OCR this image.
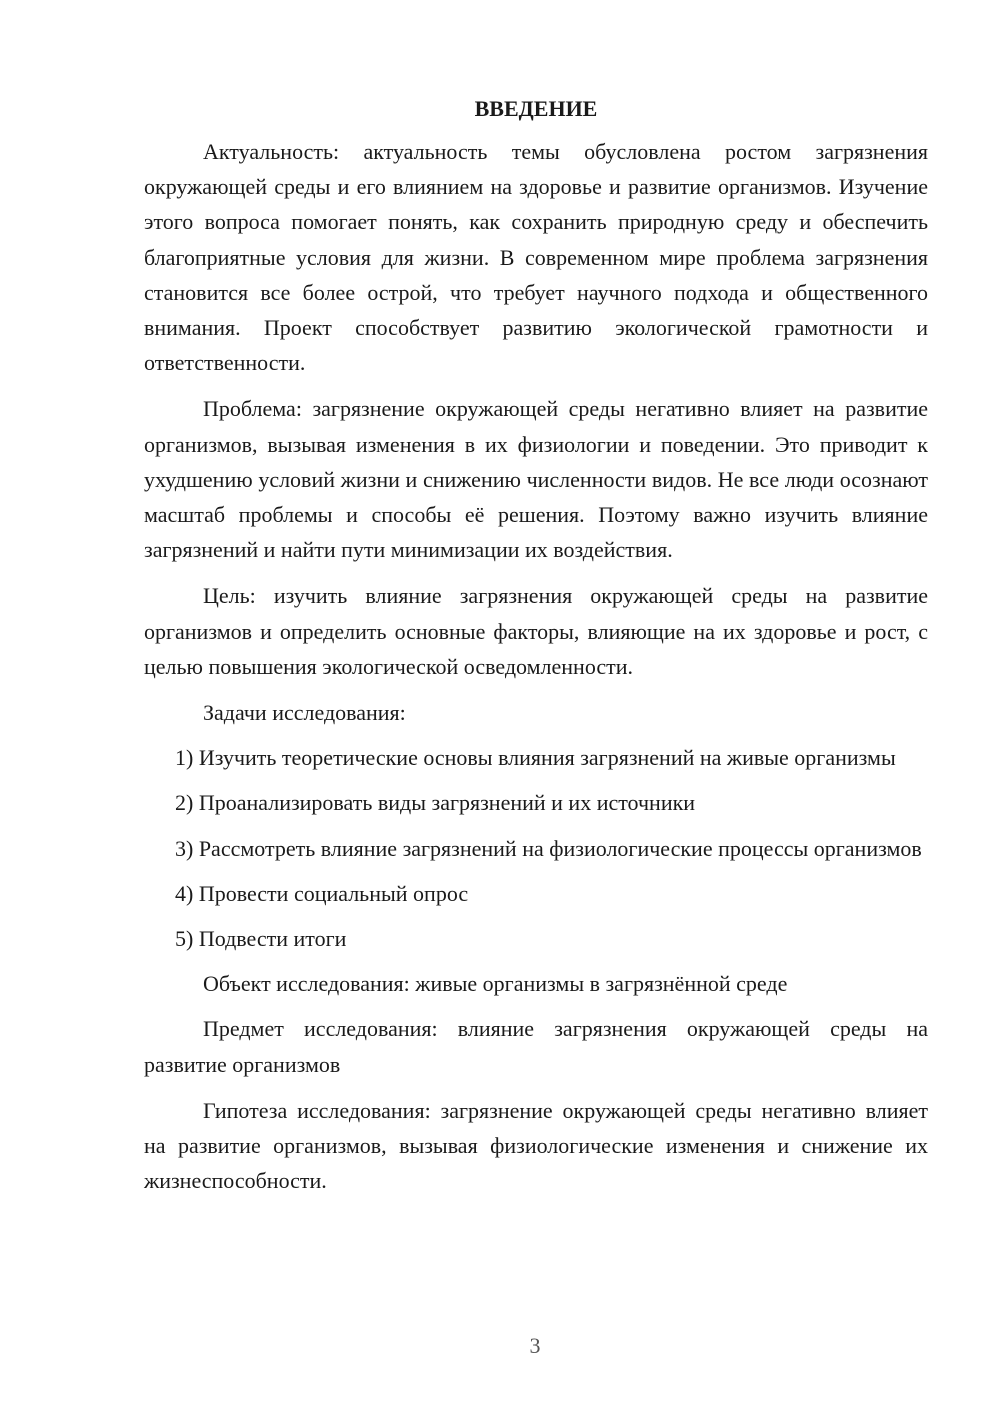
ВВЕДЕНИЕ

Актуальность: актуальность темы обусловлена ростом загрязнения окружающей среды и его влиянием на здоровье и развитие организмов. Изучение этого вопроса помогает понять, как сохранить природную среду и обеспечить благоприятные условия для жизни. В современном мире проблема загрязнения становится все более острой, что требует научного подхода и общественного внимания. Проект способствует развитию экологической грамотности и ответственности.

Проблема: загрязнение окружающей среды негативно влияет на развитие организмов, вызывая изменения в их физиологии и поведении. Это приводит к ухудшению условий жизни и снижению численности видов. Не все люди осознают масштаб проблемы и способы её решения. Поэтому важно изучить влияние загрязнений и найти пути минимизации их воздействия.

Цель: изучить влияние загрязнения окружающей среды на развитие организмов и определить основные факторы, влияющие на их здоровье и рост, с целью повышения экологической осведомленности.

Задачи исследования:

1) Изучить теоретические основы влияния загрязнений на живые организмы

2) Проанализировать виды загрязнений и их источники

3) Рассмотреть влияние загрязнений на физиологические процессы организмов

4) Провести социальный опрос

5) Подвести итоги

Объект исследования: живые организмы в загрязнённой среде

Предмет исследования: влияние загрязнения окружающей среды на развитие организмов

Гипотеза исследования: загрязнение окружающей среды негативно влияет на развитие организмов, вызывая физиологические изменения и снижение их жизнеспособности.

3
